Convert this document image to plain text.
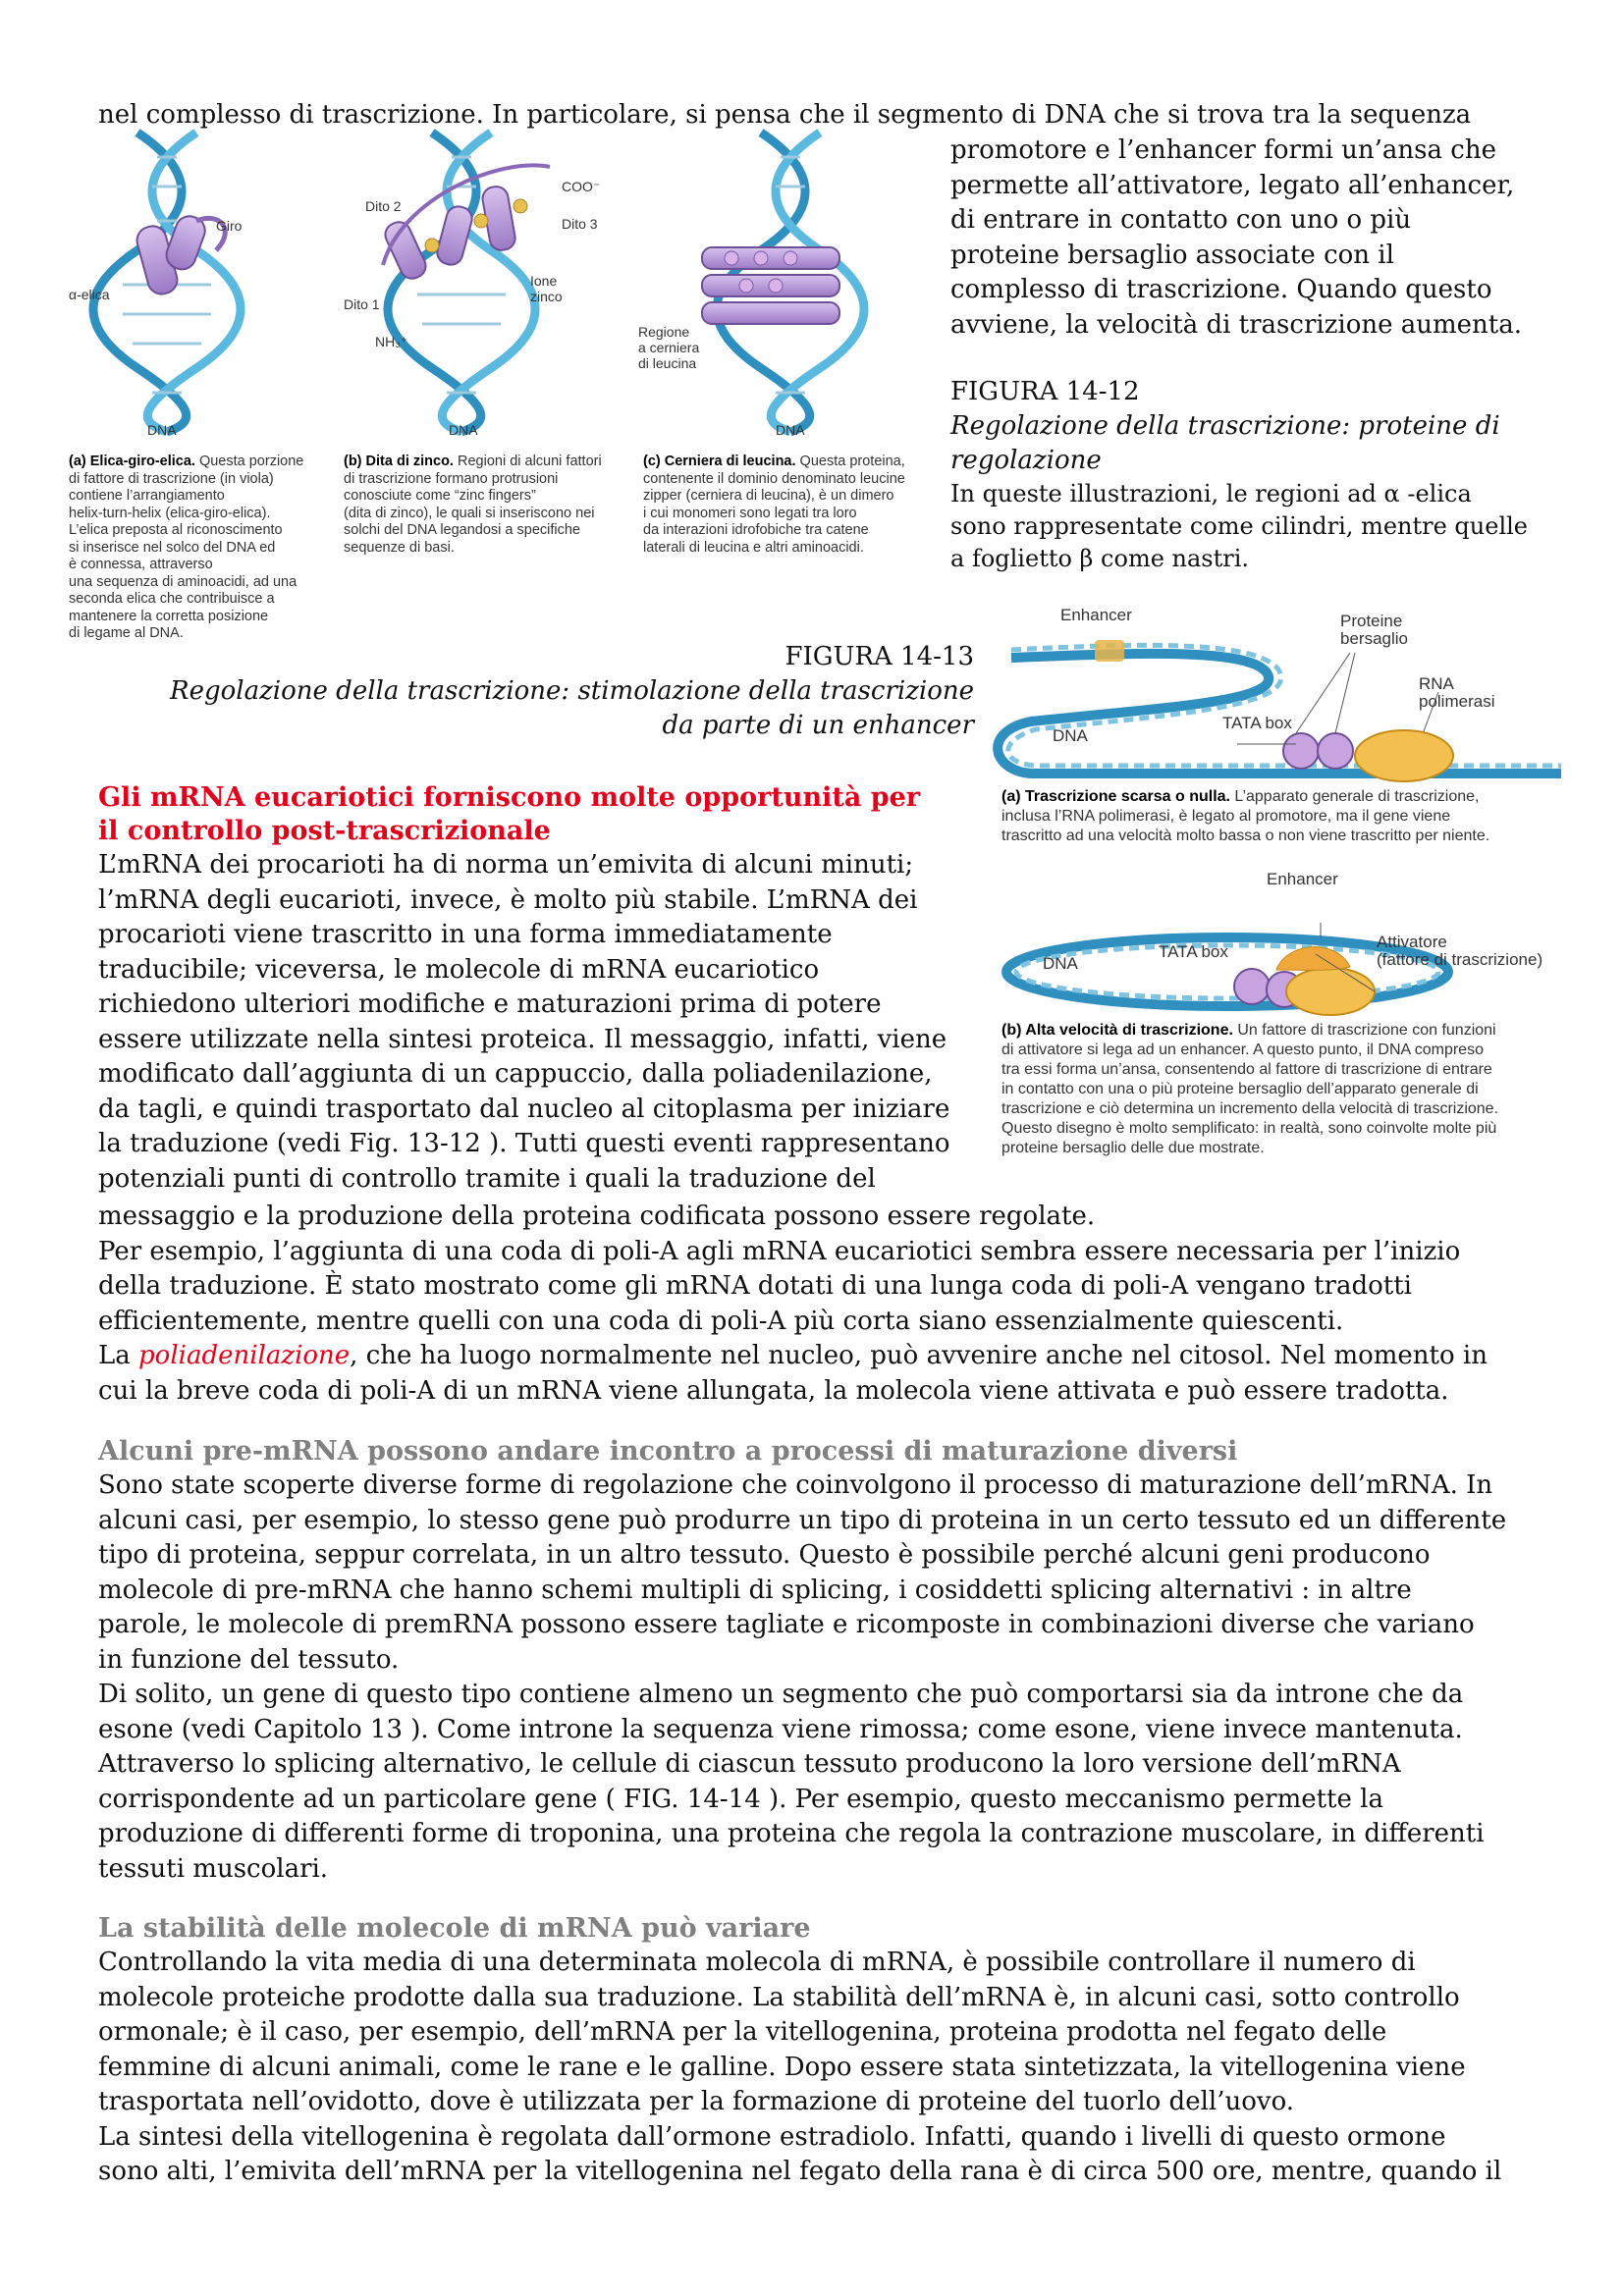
nel complesso di trascrizione. In particolare, si pensa che il segmento di DNA che si trova tra la sequenza
promotore e l’enhancer formi un’ansa che
permette all’attivatore, legato all’enhancer,
di entrare in contatto con uno o più
proteine bersaglio associate con il
complesso di trascrizione. Quando questo
avviene, la velocità di trascrizione aumenta.
FIGURA 14-12
Regolazione della trascrizione: proteine di
regolazione
In queste illustrazioni, le regioni ad α -elica
sono rappresentate come cilindri, mentre quelle
a foglietto β come nastri.
Giro
α-elica
DNA
Dito 2
COO⁻
Dito 3
Ione
zinco
Dito 1
NH₃⁺
DNA
Regione
a cerniera
di leucina
DNA
(a) Elica-giro-elica. Questa porzione
di fattore di trascrizione (in viola)
contiene l’arrangiamento
helix-turn-helix (elica-giro-elica).
L’elica preposta al riconoscimento
si inserisce nel solco del DNA ed
è connessa, attraverso
una sequenza di aminoacidi, ad una
seconda elica che contribuisce a
mantenere la corretta posizione
di legame al DNA.
(b) Dita di zinco. Regioni di alcuni fattori
di trascrizione formano protrusioni
conosciute come “zinc fingers”
(dita di zinco), le quali si inseriscono nei
solchi del DNA legandosi a specifiche
sequenze di basi.
(c) Cerniera di leucina. Questa proteina,
contenente il dominio denominato leucine
zipper (cerniera di leucina), è un dimero
i cui monomeri sono legati tra loro
da interazioni idrofobiche tra catene
laterali di leucina e altri aminoacidi.
FIGURA 14-13
Regolazione della trascrizione: stimolazione della trascrizione
da parte di un enhancer
Enhancer	Proteine
bersaglio
RNA
polimerasi
TATA box
DNA
(a) Trascrizione scarsa o nulla. L’apparato generale di trascrizione,
inclusa l’RNA polimerasi, è legato al promotore, ma il gene viene
trascritto ad una velocità molto bassa o non viene trascritto per niente.
Enhancer
TATA box
DNA
Attivatore
(fattore di trascrizione)
(b) Alta velocità di trascrizione. Un fattore di trascrizione con funzioni
di attivatore si lega ad un enhancer. A questo punto, il DNA compreso
tra essi forma un’ansa, consentendo al fattore di trascrizione di entrare
in contatto con una o più proteine bersaglio dell’apparato generale di
trascrizione e ciò determina un incremento della velocità di trascrizione.
Questo disegno è molto semplificato: in realtà, sono coinvolte molte più
proteine bersaglio delle due mostrate.
Gli mRNA eucariotici forniscono molte opportunità per
il controllo post-trascrizionale
L’mRNA dei procarioti ha di norma un’emivita di alcuni minuti;
l’mRNA degli eucarioti, invece, è molto più stabile. L’mRNA dei
procarioti viene trascritto in una forma immediatamente
traducibile; viceversa, le molecole di mRNA eucariotico
richiedono ulteriori modifiche e maturazioni prima di potere
essere utilizzate nella sintesi proteica. Il messaggio, infatti, viene
modificato dall’aggiunta di un cappuccio, dalla poliadenilazione,
da tagli, e quindi trasportato dal nucleo al citoplasma per iniziare
la traduzione (vedi Fig. 13-12 ). Tutti questi eventi rappresentano
potenziali punti di controllo tramite i quali la traduzione del
messaggio e la produzione della proteina codificata possono essere regolate.
Per esempio, l’aggiunta di una coda di poli-A agli mRNA eucariotici sembra essere necessaria per l’inizio
della traduzione. È stato mostrato come gli mRNA dotati di una lunga coda di poli-A vengano tradotti
efficientemente, mentre quelli con una coda di poli-A più corta siano essenzialmente quiescenti.
La poliadenilazione, che ha luogo normalmente nel nucleo, può avvenire anche nel citosol. Nel momento in
cui la breve coda di poli-A di un mRNA viene allungata, la molecola viene attivata e può essere tradotta.
Alcuni pre-mRNA possono andare incontro a processi di maturazione diversi
Sono state scoperte diverse forme di regolazione che coinvolgono il processo di maturazione dell’mRNA. In
alcuni casi, per esempio, lo stesso gene può produrre un tipo di proteina in un certo tessuto ed un differente
tipo di proteina, seppur correlata, in un altro tessuto. Questo è possibile perché alcuni geni producono
molecole di pre-mRNA che hanno schemi multipli di splicing, i cosiddetti splicing alternativi : in altre
parole, le molecole di premRNA possono essere tagliate e ricomposte in combinazioni diverse che variano
in funzione del tessuto.
Di solito, un gene di questo tipo contiene almeno un segmento che può comportarsi sia da introne che da
esone (vedi Capitolo 13 ). Come introne la sequenza viene rimossa; come esone, viene invece mantenuta.
Attraverso lo splicing alternativo, le cellule di ciascun tessuto producono la loro versione dell’mRNA
corrispondente ad un particolare gene ( FIG. 14-14 ). Per esempio, questo meccanismo permette la
produzione di differenti forme di troponina, una proteina che regola la contrazione muscolare, in differenti
tessuti muscolari.
La stabilità delle molecole di mRNA può variare
Controllando la vita media di una determinata molecola di mRNA, è possibile controllare il numero di
molecole proteiche prodotte dalla sua traduzione. La stabilità dell’mRNA è, in alcuni casi, sotto controllo
ormonale; è il caso, per esempio, dell’mRNA per la vitellogenina, proteina prodotta nel fegato delle
femmine di alcuni animali, come le rane e le galline. Dopo essere stata sintetizzata, la vitellogenina viene
trasportata nell’ovidotto, dove è utilizzata per la formazione di proteine del tuorlo dell’uovo.
La sintesi della vitellogenina è regolata dall’ormone estradiolo. Infatti, quando i livelli di questo ormone
sono alti, l’emivita dell’mRNA per la vitellogenina nel fegato della rana è di circa 500 ore, mentre, quando il
